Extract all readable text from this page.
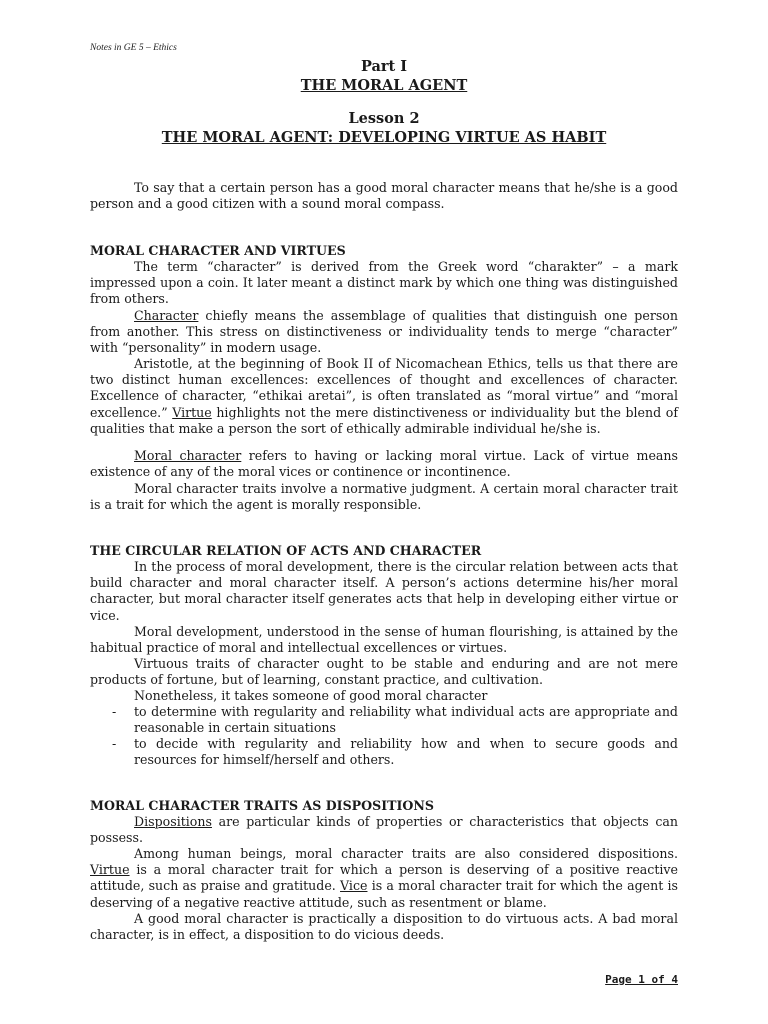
Notes in GE 5 – Ethics
Part I
THE MORAL AGENT
Lesson 2
THE MORAL AGENT: DEVELOPING VIRTUE AS HABIT

To say that a certain person has a good moral character means that he/she is a good person and a good citizen with a sound moral compass.

MORAL CHARACTER AND VIRTUES

The term “character” is derived from the Greek word “charakter” – a mark impressed upon a coin. It later meant a distinct mark by which one thing was distinguished from others.

Character chiefly means the assemblage of qualities that distinguish one person from another. This stress on distinctiveness or individuality tends to merge “character” with “personality” in modern usage.

Aristotle, at the beginning of Book II of Nicomachean Ethics, tells us that there are two distinct human excellences: excellences of thought and excellences of character. Excellence of character, “ethikai aretai”, is often translated as “moral virtue” and “moral excellence.” Virtue highlights not the mere distinctiveness or individuality but the blend of qualities that make a person the sort of ethically admirable individual he/she is.

Moral character refers to having or lacking moral virtue. Lack of virtue means existence of any of the moral vices or continence or incontinence.

Moral character traits involve a normative judgment. A certain moral character trait is a trait for which the agent is morally responsible.

THE CIRCULAR RELATION OF ACTS AND CHARACTER

In the process of moral development, there is the circular relation between acts that build character and moral character itself. A person’s actions determine his/her moral character, but moral character itself generates acts that help in developing either virtue or vice.

Moral development, understood in the sense of human flourishing, is attained by the habitual practice of moral and intellectual excellences or virtues.

Virtuous traits of character ought to be stable and enduring and are not mere products of fortune, but of learning, constant practice, and cultivation.

Nonetheless, it takes someone of good moral character

- to determine with regularity and reliability what individual acts are appropriate and reasonable in certain situations
- to decide with regularity and reliability how and when to secure goods and resources for himself/herself and others.
MORAL CHARACTER TRAITS AS DISPOSITIONS

Dispositions are particular kinds of properties or characteristics that objects can possess.

Among human beings, moral character traits are also considered dispositions. Virtue is a moral character trait for which a person is deserving of a positive reactive attitude, such as praise and gratitude. Vice is a moral character trait for which the agent is deserving of a negative reactive attitude, such as resentment or blame.

A good moral character is practically a disposition to do virtuous acts. A bad moral character, is in effect, a disposition to do vicious deeds.

Page 1 of 4
